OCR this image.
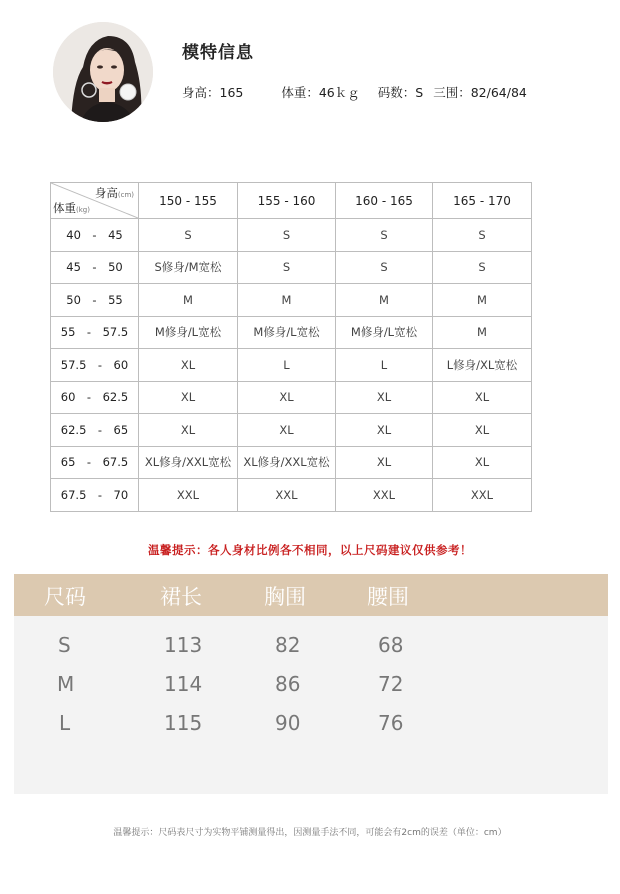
模特信息
身高：165	体重：46ｋｇ 码数：S 三围：82/64/84
身高(cm)
体重(kg)	150 - 155	155 - 160	160 - 165	165 - 170
40　-　45	S	S	S	S
45　-　50	S修身/M宽松	S	S	S
50　-　55	M	M	M	M
55　-　57.5	M修身/L宽松	M修身/L宽松	M修身/L宽松	M
57.5　-　60	XL	L	L	L修身/XL宽松
60　-　62.5	XL	XL	XL	XL
62.5　-　65	XL	XL	XL	XL
65　-　67.5	XL修身/XXL宽松	XL修身/XXL宽松	XL	XL
67.5　-　70	XXL	XXL	XXL	XXL
温馨提示：各人身材比例各不相同，以上尺码建议仅供参考！
尺码	裙长	胸围	腰围
S	113	82	68
M	114	86	72
L	115	90	76
温馨提示：尺码表尺寸为实物平铺测量得出，因测量手法不同，可能会有2cm的误差（单位：cm）
